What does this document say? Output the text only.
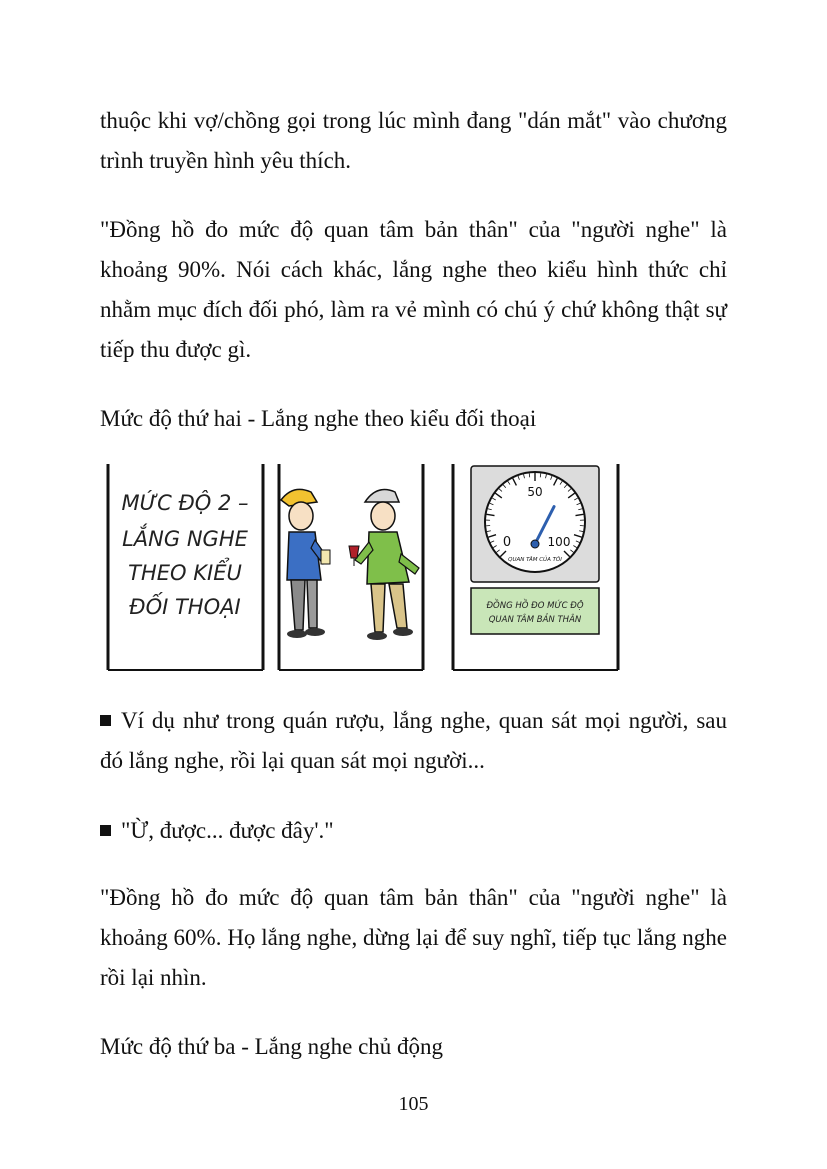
thuộc khi vợ/chồng gọi trong lúc mình đang "dán mắt" vào chương trình truyền hình yêu thích.

"Đồng hồ đo mức độ quan tâm bản thân" của "người nghe" là khoảng 90%. Nói cách khác, lắng nghe theo kiểu hình thức chỉ nhằm mục đích đối phó, làm ra vẻ mình có chú ý chứ không thật sự tiếp thu được gì.

Mức độ thứ hai - Lắng nghe theo kiểu đối thoại

MỨC ĐỘ 2 –
LẮNG NGHE
THEO KIỂU
ĐỐI THOẠI
50
0	100
QUAN TÂM CỦA TÔI
ĐỒNG HỒ ĐO MỨC ĐỘ
QUAN TÂM BẢN THÂN

Ví dụ như trong quán rượu, lắng nghe, quan sát mọi người, sau đó lắng nghe, rồi lại quan sát mọi người...

"Ừ, được... được đây'."

"Đồng hồ đo mức độ quan tâm bản thân" của "người nghe" là khoảng 60%. Họ lắng nghe, dừng lại để suy nghĩ, tiếp tục lắng nghe rồi lại nhìn.

Mức độ thứ ba - Lắng nghe chủ động

105
